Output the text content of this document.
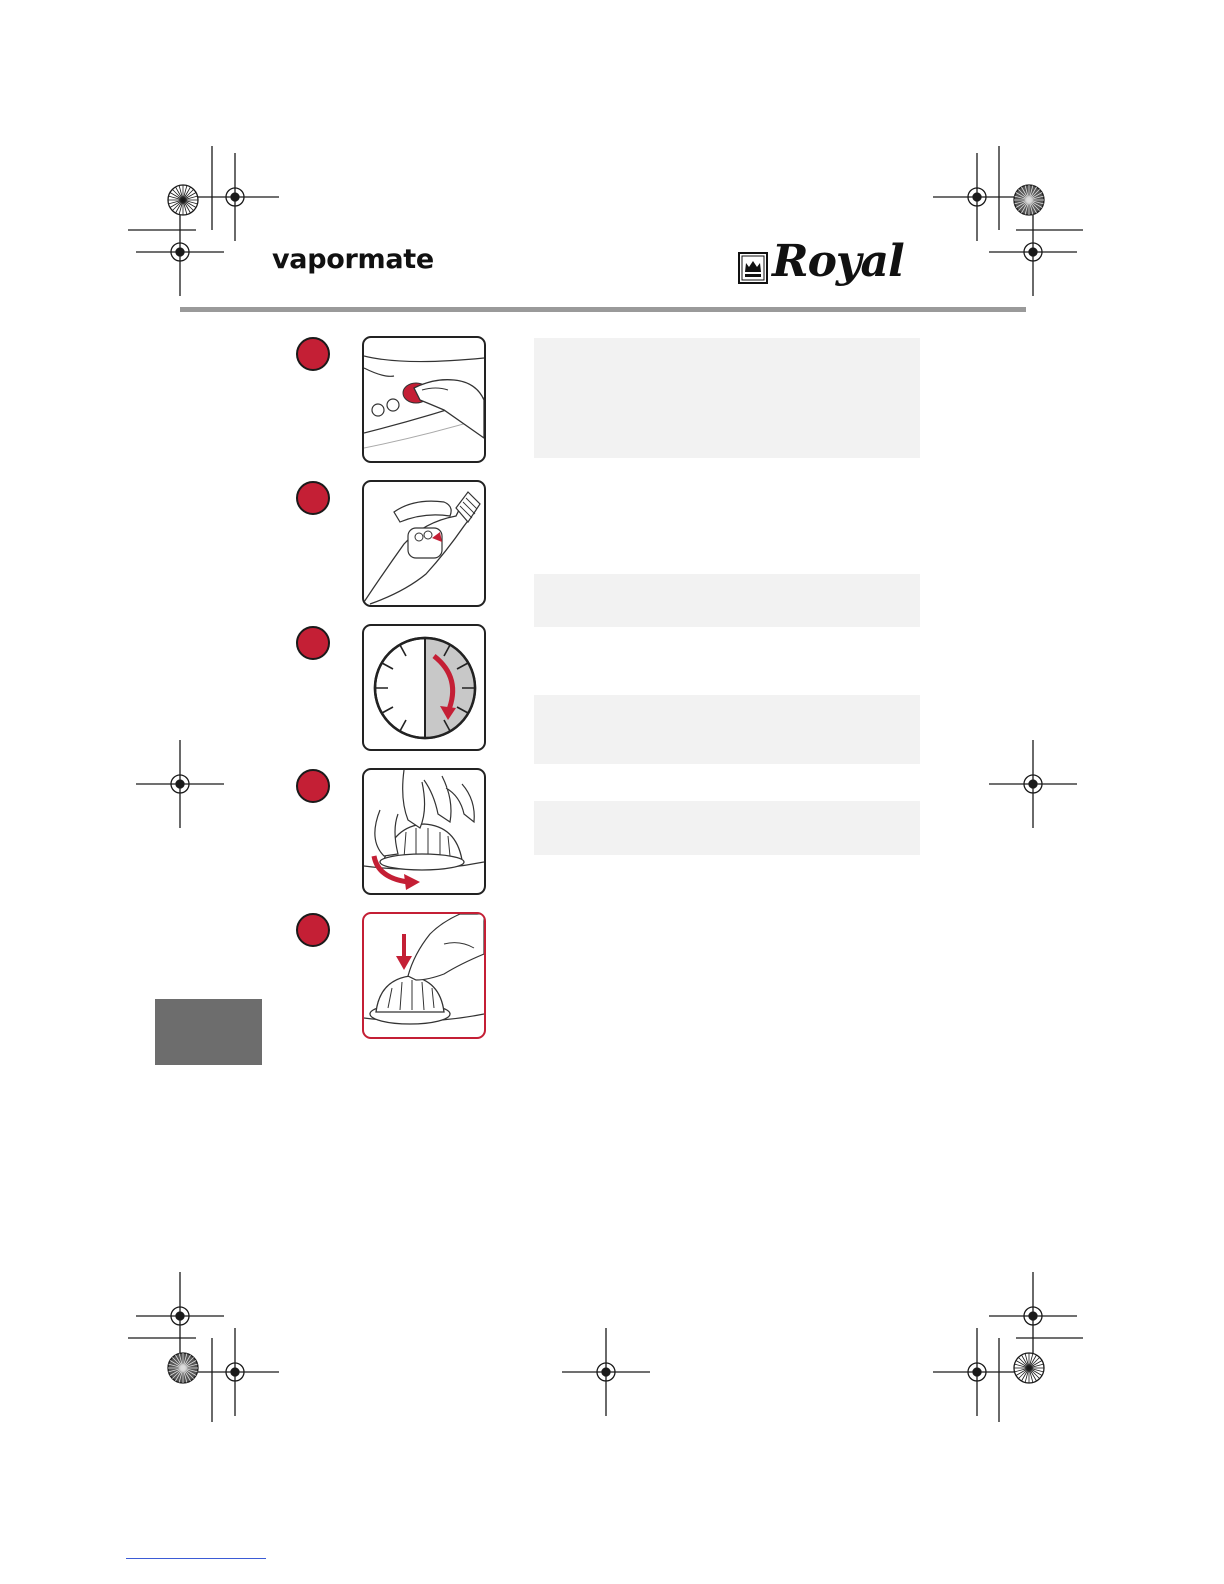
vapormate	Royal
